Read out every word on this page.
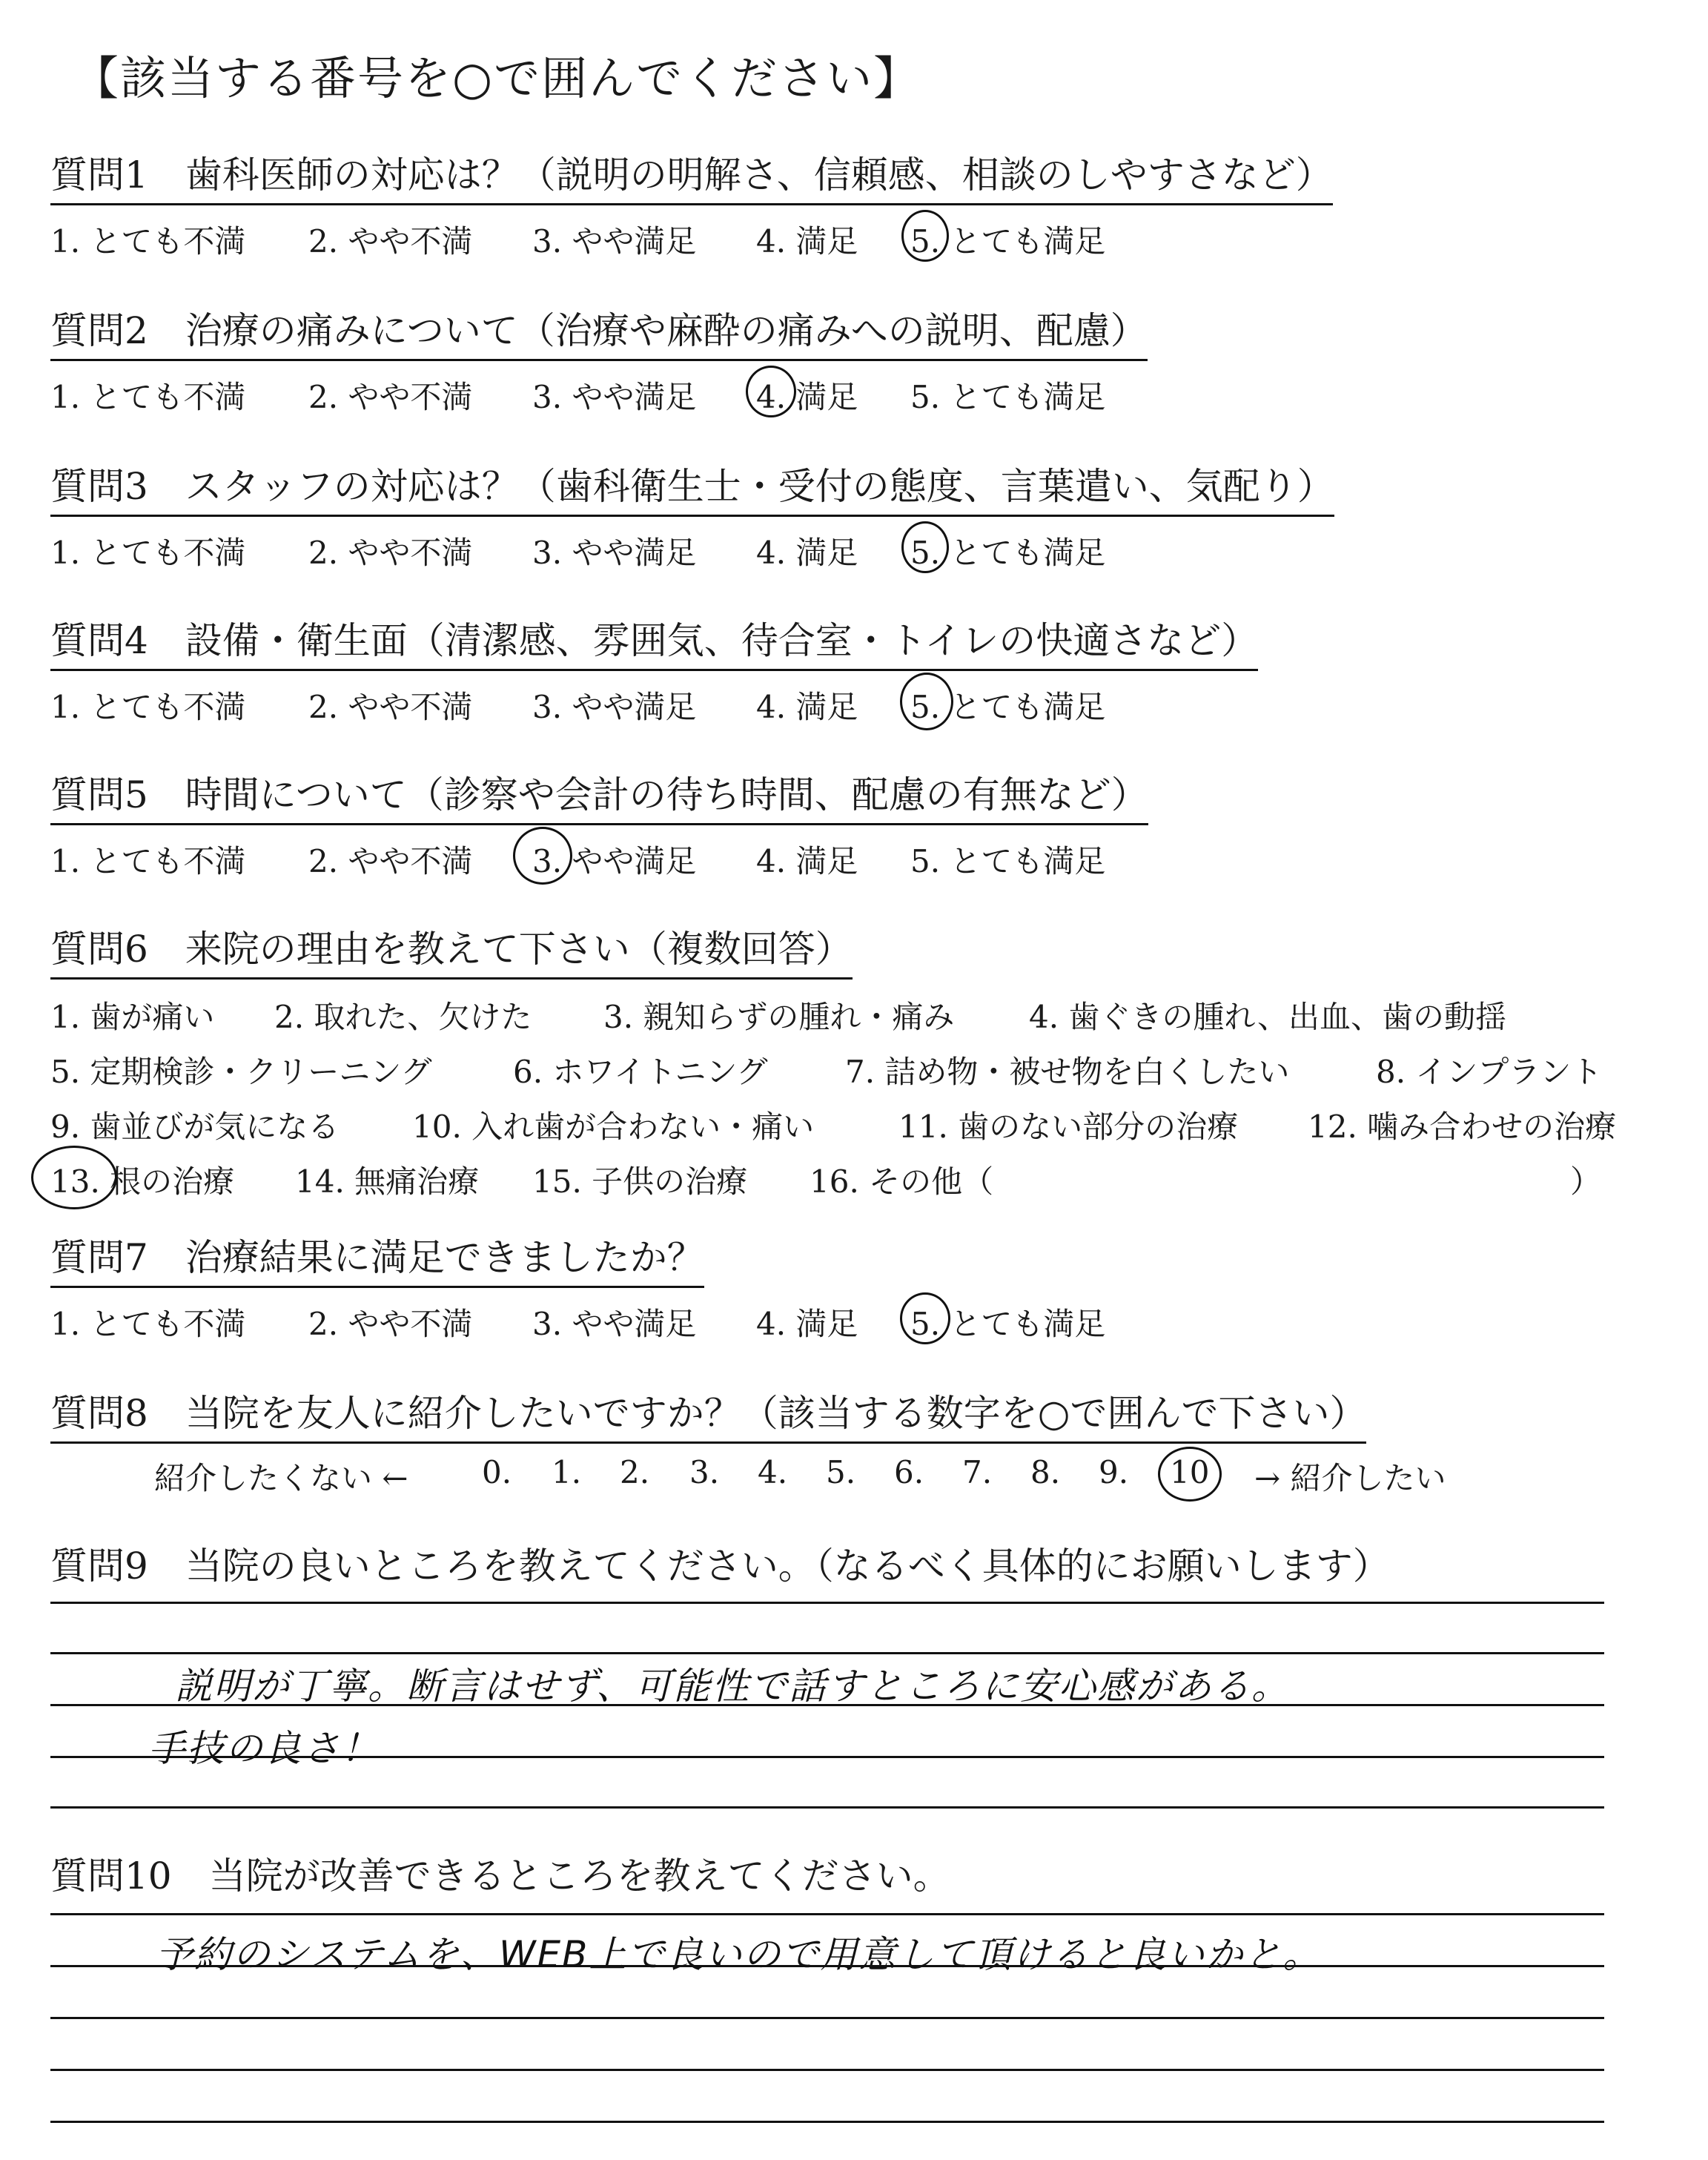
【該当する番号を○で囲んでください】
質問1　歯科医師の対応は？（説明の明解さ、信頼感、相談のしやすさなど）
1. とても不満 2. やや不満 3. やや満足 4. 満足 5. とても満足
質問2　治療の痛みについて（治療や麻酔の痛みへの説明、配慮）
1. とても不満 2. やや不満 3. やや満足 4. 満足 5. とても満足
質問3　スタッフの対応は？（歯科衛生士・受付の態度、言葉遣い、気配り）
1. とても不満 2. やや不満 3. やや満足 4. 満足 5. とても満足
質問4　設備・衛生面（清潔感、雰囲気、待合室・トイレの快適さなど）
1. とても不満 2. やや不満 3. やや満足 4. 満足 5. とても満足
質問5　時間について（診察や会計の待ち時間、配慮の有無など）
1. とても不満 2. やや不満 3. やや満足 4. 満足 5. とても満足
質問6　来院の理由を教えて下さい（複数回答）
1. 歯が痛い 2. 取れた、欠けた 3. 親知らずの腫れ・痛み 4. 歯ぐきの腫れ、出血、歯の動揺
5. 定期検診・クリーニング	6. ホワイトニング 7. 詰め物・被せ物を白くしたい	8. インプラント
9. 歯並びが気になる 10. 入れ歯が合わない・痛い	11. 歯のない部分の治療 12. 噛み合わせの治療
13. 根の治療 14. 無痛治療 15. 子供の治療 16. その他（	）
質問7　治療結果に満足できましたか？
1. とても不満 2. やや不満 3. やや満足 4. 満足 5. とても満足
質問8　当院を友人に紹介したいですか？（該当する数字を○で囲んで下さい）
紹介したくない ← 0. 1. 2. 3. 4. 5. 6. 7. 8. 9. 10 → 紹介したい
質問9　当院の良いところを教えてください。（なるべく具体的にお願いします）
説明が丁寧。断言はせず、可能性で話すところに安心感がある。
手技の良さ！
質問10　当院が改善できるところを教えてください。
予約のシステムを、WEB上で良いので用意して頂けると良いかと。
